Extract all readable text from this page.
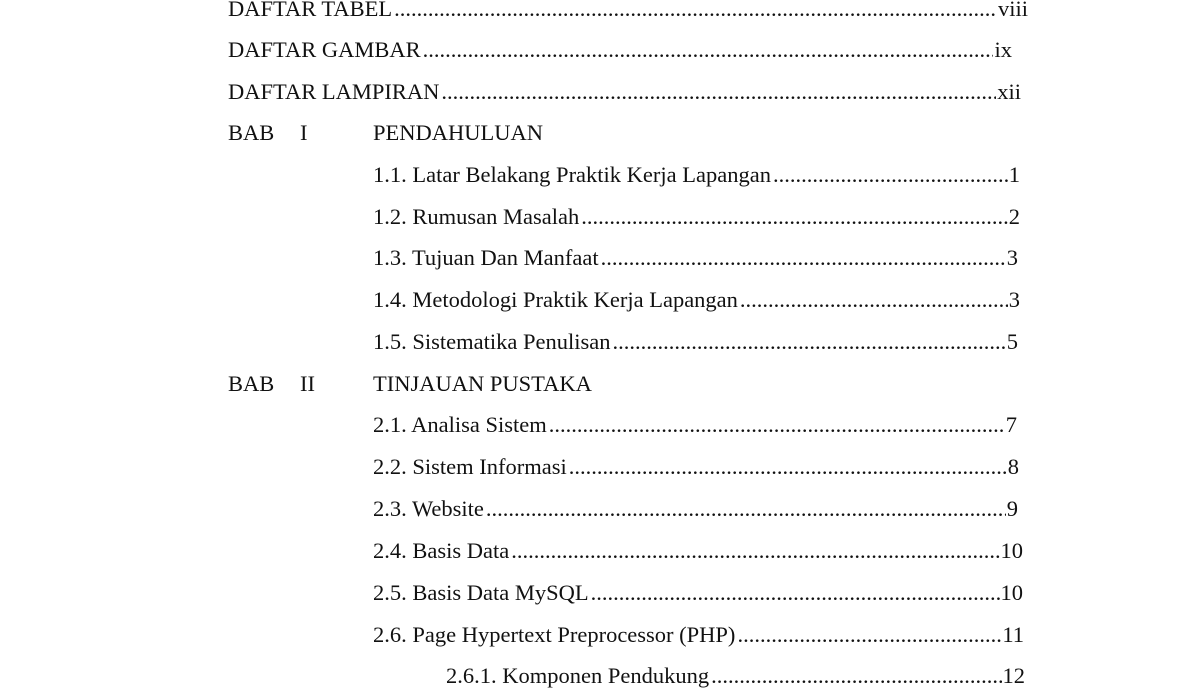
DAFTAR TABEL .....	viii
DAFTAR GAMBAR .....	ix
DAFTAR LAMPIRAN .....	xii
BAB I	PENDAHULUAN
1.1. Latar Belakang Praktik Kerja Lapangan .....	1
1.2. Rumusan Masalah .....	2
1.3. Tujuan Dan Manfaat .....	3
1.4. Metodologi Praktik Kerja Lapangan .....	3
1.5. Sistematika Penulisan .....	5
BAB II	TINJAUAN PUSTAKA
2.1. Analisa Sistem .....	7
2.2. Sistem Informasi .....	8
2.3. Website .....	9
2.4. Basis Data .....	10
2.5. Basis Data MySQL .....	10
2.6. Page Hypertext Preprocessor (PHP) .....	11
2.6.1. Komponen Pendukung .....	12
